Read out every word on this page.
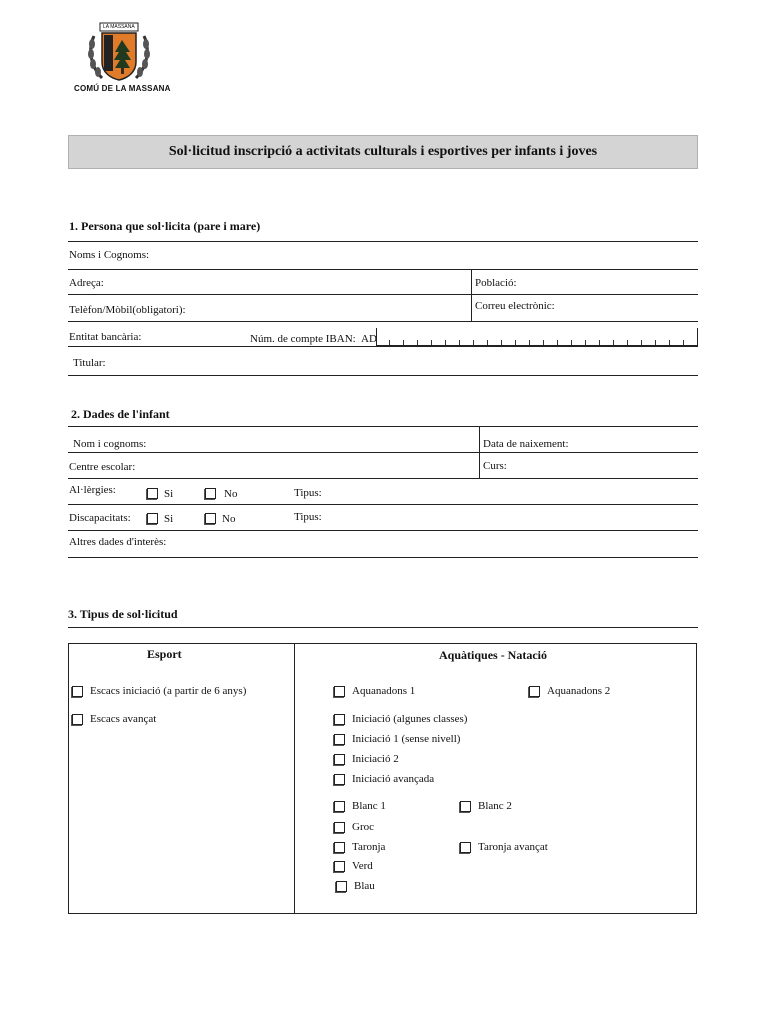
LA MASSANA
COMÚ DE LA MASSANA
Sol·licitud inscripció a activitats culturals i esportives per infants i joves
1. Persona que sol·licita (pare i mare)
Noms i Cognoms:
Adreça:	Població:
Telèfon/Mòbil(obligatori):	Correu electrònic:
Entitat bancària:	Núm. de compte IBAN: AD
Titular:
2. Dades de l'infant
Nom i cognoms:	Data de naixement:
Centre escolar:	Curs:
Al·lèrgies:	Si	No	Tipus:
Discapacitats:	Si	No	Tipus:
Altres dades d'interès:
3. Tipus de sol·licitud
Esport	Aquàtiques - Natació
Escacs iniciació (a partir de 6 anys)
Escacs avançat
Aquanadons 1	Aquanadons 2
Iniciació (algunes classes)
Iniciació 1 (sense nivell)
Iniciació 2
Iniciació avançada
Blanc 1	Blanc 2
Groc
Taronja	Taronja avançat
Verd
Blau
